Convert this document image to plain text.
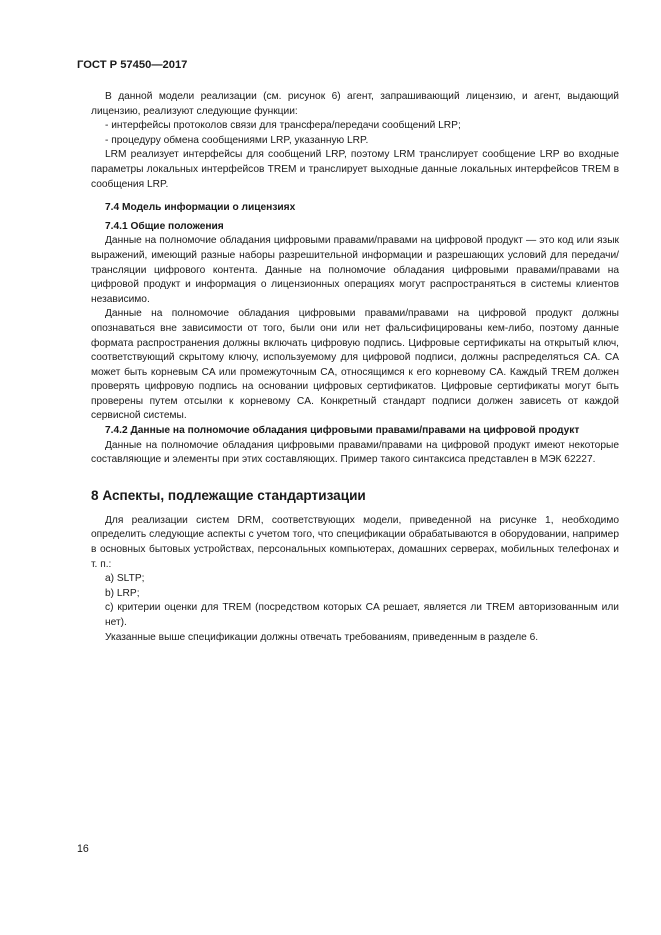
ГОСТ Р 57450—2017

В данной модели реализации (см. рисунок 6) агент, запрашивающий лицензию, и агент, выдающий лицензию, реализуют следующие функции:

- интерфейсы протоколов связи для трансфера/передачи сообщений LRP;

- процедуру обмена сообщениями LRP, указанную LRP.

LRM реализует интерфейсы для сообщений LRP, поэтому LRM транслирует сообщение LRP во входные параметры локальных интерфейсов TREM и транслирует выходные данные локальных интерфейсов TREM в сообщения LRP.

7.4 Модель информации о лицензиях

7.4.1 Общие положения

Данные на полномочие обладания цифровыми правами/правами на цифровой продукт — это код или язык выражений, имеющий разные наборы разрешительной информации и разрешающих условий для передачи/трансляции цифрового контента. Данные на полномочие обладания цифровыми правами/правами на цифровой продукт и информация о лицензионных операциях могут распространяться в системы клиентов независимо.

Данные на полномочие обладания цифровыми правами/правами на цифровой продукт должны опознаваться вне зависимости от того, были они или нет фальсифицированы кем-либо, поэтому данные формата распространения должны включать цифровую подпись. Цифровые сертификаты на открытый ключ, соответствующий скрытому ключу, используемому для цифровой подписи, должны распределяться CA. CA может быть корневым CA или промежуточным CA, относящимся к его корневому CA. Каждый TREM должен проверять цифровую подпись на основании цифровых сертификатов. Цифровые сертификаты могут быть проверены путем отсылки к корневому CA. Конкретный стандарт подписи должен зависеть от каждой сервисной системы.

7.4.2 Данные на полномочие обладания цифровыми правами/правами на цифровой продукт

Данные на полномочие обладания цифровыми правами/правами на цифровой продукт имеют некоторые составляющие и элементы при этих составляющих. Пример такого синтаксиса представлен в МЭК 62227.

8 Аспекты, подлежащие стандартизации

Для реализации систем DRM, соответствующих модели, приведенной на рисунке 1, необходимо определить следующие аспекты с учетом того, что спецификации обрабатываются в оборудовании, например в основных бытовых устройствах, персональных компьютерах, домашних серверах, мобильных телефонах и т. п.:

a) SLTP;

b) LRP;

c) критерии оценки для TREM (посредством которых CA решает, является ли TREM авторизованным или нет).

Указанные выше спецификации должны отвечать требованиям, приведенным в разделе 6.

16
